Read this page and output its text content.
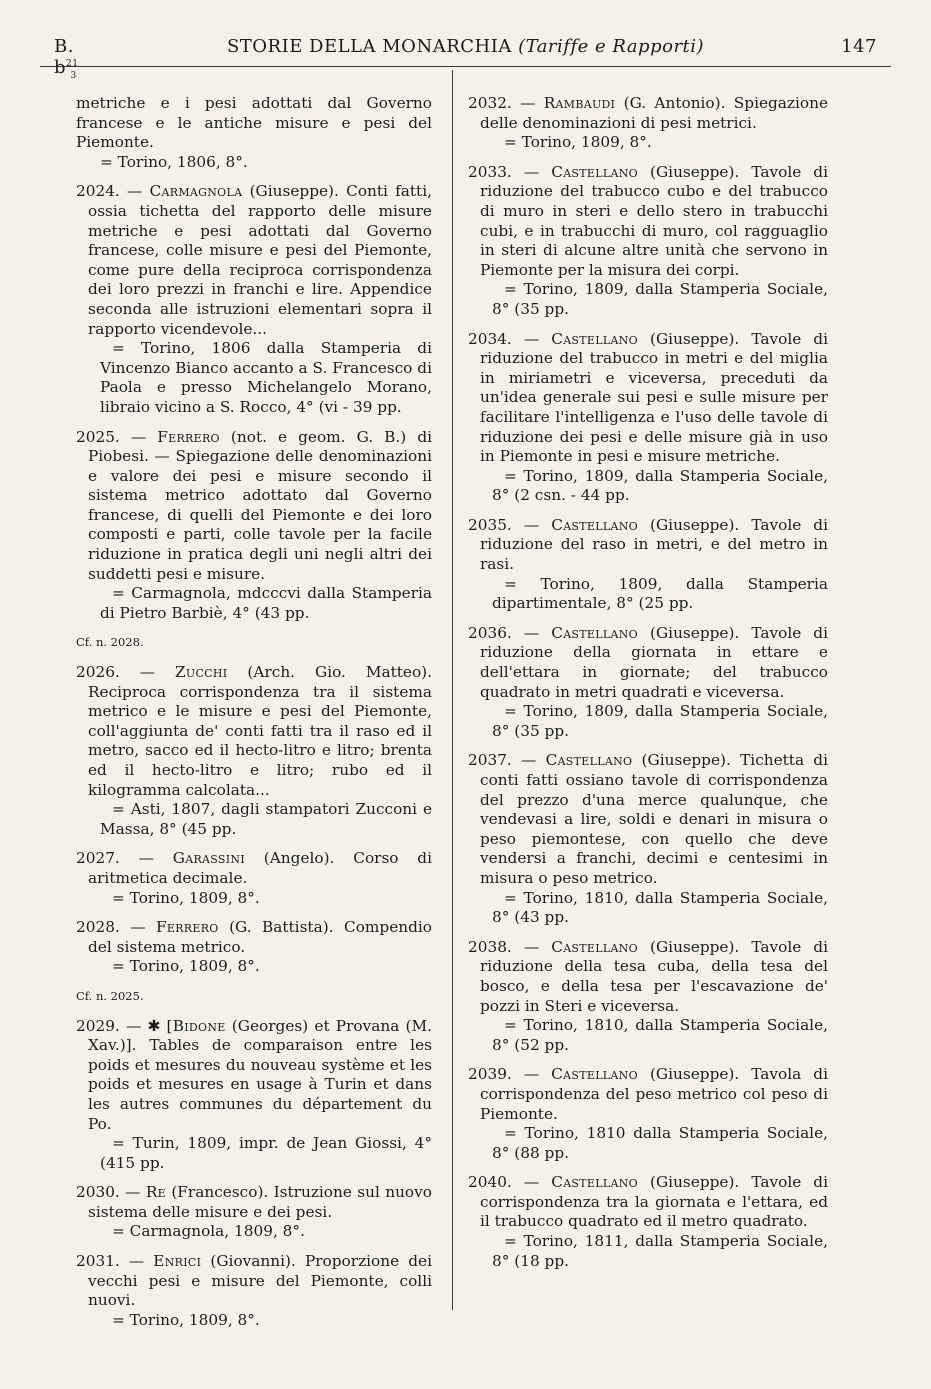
B. $b^{21}_3$
STORIE DELLA MONARCHIA (Tariffe e Rapporti)	147

metriche e i pesi adottati dal Governo francese e le antiche misure e pesi del Piemonte.
= Torino, 1806, 8°.

2024. — Carmagnola (Giuseppe). Conti fatti, ossia tichetta del rapporto delle misure metriche e pesi adottati dal Governo francese, colle misure e pesi del Piemonte, come pure della reciproca corrispondenza dei loro prezzi in franchi e lire. Appendice seconda alle istruzioni elementari sopra il rapporto vicendevole...
= Torino, 1806 dalla Stamperia di Vincenzo Bianco accanto a S. Francesco di Paola e presso Michelangelo Morano, libraio vicino a S. Rocco, 4° (vi - 39 pp.

2025. — Ferrero (not. e geom. G. B.) di Piobesi. — Spiegazione delle denominazioni e valore dei pesi e misure secondo il sistema metrico adottato dal Governo francese, di quelli del Piemonte e dei loro composti e parti, colle tavole per la facile riduzione in pratica degli uni negli altri dei suddetti pesi e misure.
= Carmagnola, mdcccvi dalla Stamperia di Pietro Barbiè, 4° (43 pp.

Cf. n. 2028.

2026. — Zucchi (Arch. Gio. Matteo). Reciproca corrispondenza tra il sistema metrico e le misure e pesi del Piemonte, coll'aggiunta de' conti fatti tra il raso ed il metro, sacco ed il hecto-litro e litro; brenta ed il hecto-litro e litro; rubo ed il kilogramma calcolata...
= Asti, 1807, dagli stampatori Zucconi e Massa, 8° (45 pp.

2027. — Garassini (Angelo). Corso di aritmetica decimale.
= Torino, 1809, 8°.

2028. — Ferrero (G. Battista). Compendio del sistema metrico.
= Torino, 1809, 8°.

Cf. n. 2025.

2029. — ✱ [Bidone (Georges) et Provana (M. Xav.)]. Tables de comparaison entre les poids et mesures du nouveau système et les poids et mesures en usage à Turin et dans les autres communes du département du Po.
= Turin, 1809, impr. de Jean Giossi, 4° (415 pp.

2030. — Re (Francesco). Istruzione sul nuovo sistema delle misure e dei pesi.
= Carmagnola, 1809, 8°.

2031. — Enrici (Giovanni). Proporzione dei vecchi pesi e misure del Piemonte, colli nuovi.
= Torino, 1809, 8°.

2032. — Rambaudi (G. Antonio). Spiegazione delle denominazioni di pesi metrici.
= Torino, 1809, 8°.

2033. — Castellano (Giuseppe). Tavole di riduzione del trabucco cubo e del trabucco di muro in steri e dello stero in trabucchi cubi, e in trabucchi di muro, col ragguaglio in steri di alcune altre unità che servono in Piemonte per la misura dei corpi.
= Torino, 1809, dalla Stamperia Sociale, 8° (35 pp.

2034. — Castellano (Giuseppe). Tavole di riduzione del trabucco in metri e del miglia in miriametri e viceversa, preceduti da un'idea generale sui pesi e sulle misure per facilitare l'intelligenza e l'uso delle tavole di riduzione dei pesi e delle misure già in uso in Piemonte in pesi e misure metriche.
= Torino, 1809, dalla Stamperia Sociale, 8° (2 csn. - 44 pp.

2035. — Castellano (Giuseppe). Tavole di riduzione del raso in metri, e del metro in rasi.
= Torino, 1809, dalla Stamperia dipartimentale, 8° (25 pp.

2036. — Castellano (Giuseppe). Tavole di riduzione della giornata in ettare e dell'ettara in giornate; del trabucco quadrato in metri quadrati e viceversa.
= Torino, 1809, dalla Stamperia Sociale, 8° (35 pp.

2037. — Castellano (Giuseppe). Tichetta di conti fatti ossiano tavole di corrispondenza del prezzo d'una merce qualunque, che vendevasi a lire, soldi e denari in misura o peso piemontese, con quello che deve vendersi a franchi, decimi e centesimi in misura o peso metrico.
= Torino, 1810, dalla Stamperia Sociale, 8° (43 pp.

2038. — Castellano (Giuseppe). Tavole di riduzione della tesa cuba, della tesa del bosco, e della tesa per l'escavazione de' pozzi in Steri e viceversa.
= Torino, 1810, dalla Stamperia Sociale, 8° (52 pp.

2039. — Castellano (Giuseppe). Tavola di corrispondenza del peso metrico col peso di Piemonte.
= Torino, 1810 dalla Stamperia Sociale, 8° (88 pp.

2040. — Castellano (Giuseppe). Tavole di corrispondenza tra la giornata e l'ettara, ed il trabucco quadrato ed il metro quadrato.
= Torino, 1811, dalla Stamperia Sociale, 8° (18 pp.
